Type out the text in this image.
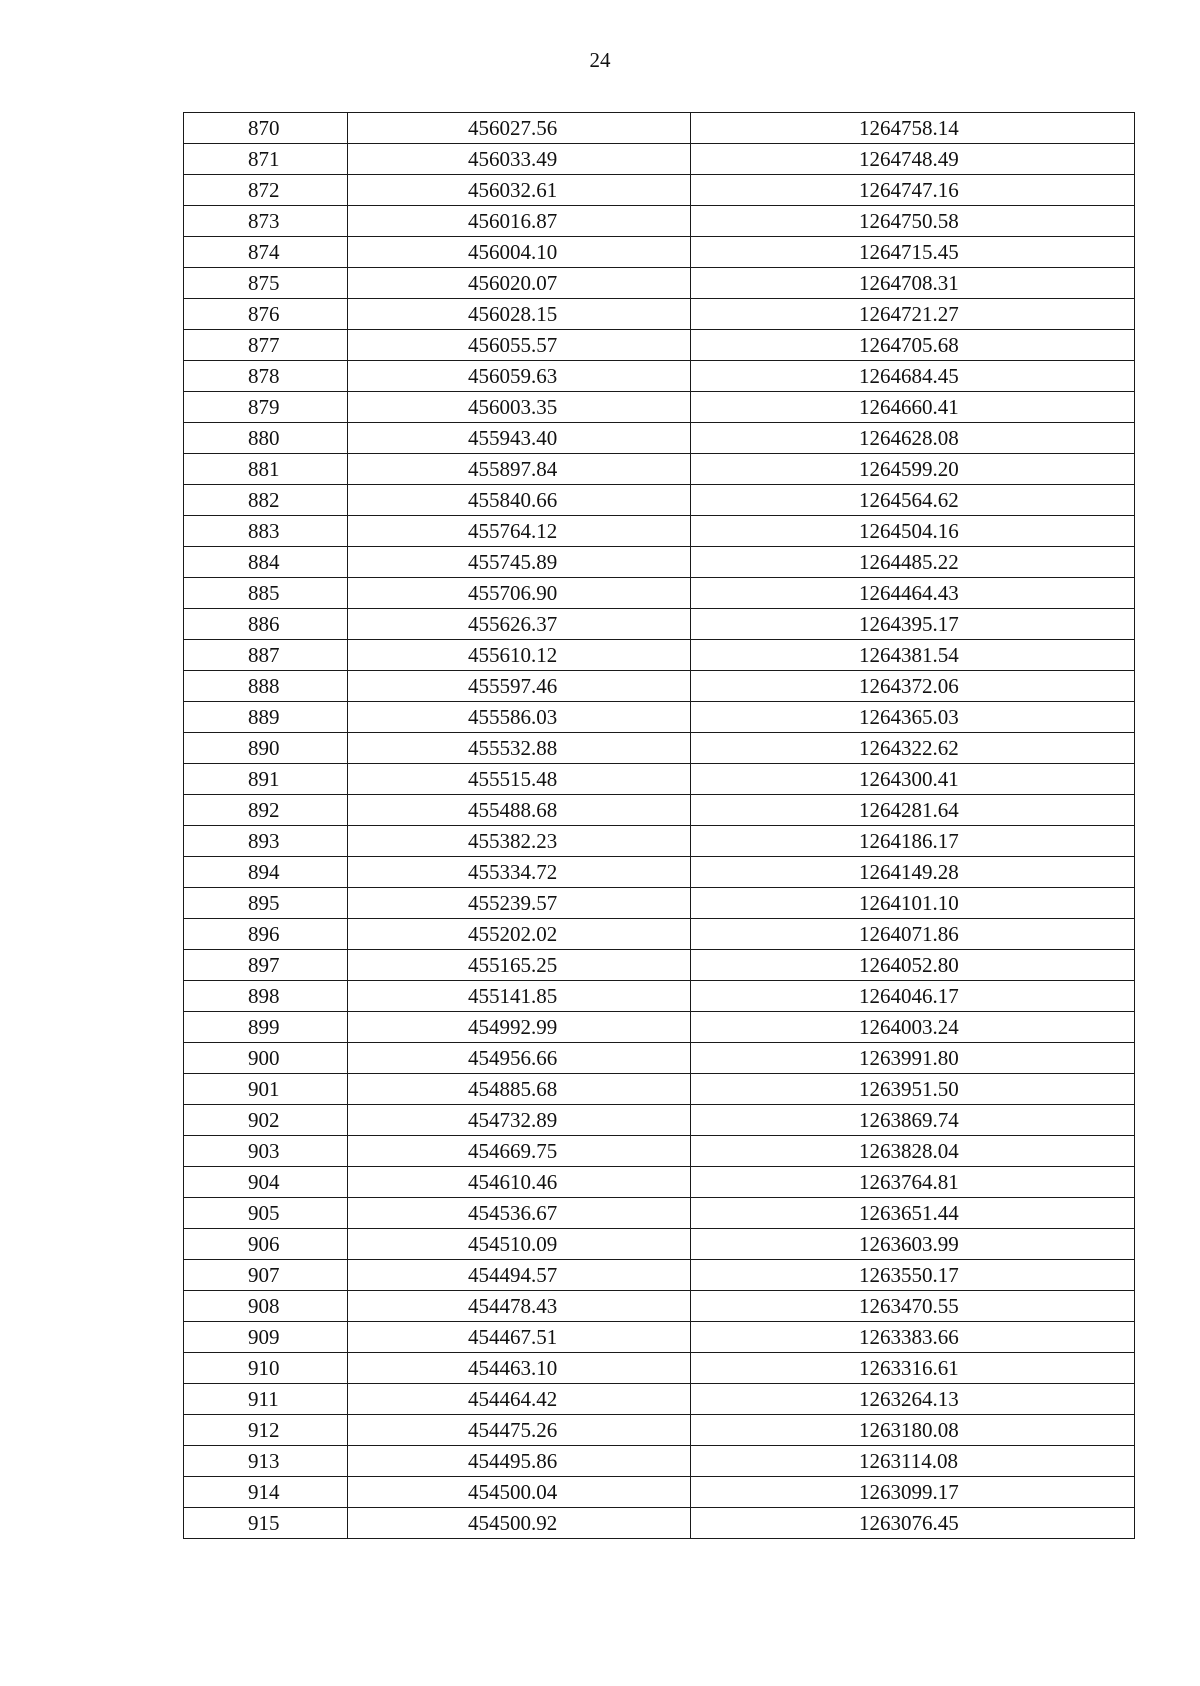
24
870	456027.56	1264758.14
871	456033.49	1264748.49
872	456032.61	1264747.16
873	456016.87	1264750.58
874	456004.10	1264715.45
875	456020.07	1264708.31
876	456028.15	1264721.27
877	456055.57	1264705.68
878	456059.63	1264684.45
879	456003.35	1264660.41
880	455943.40	1264628.08
881	455897.84	1264599.20
882	455840.66	1264564.62
883	455764.12	1264504.16
884	455745.89	1264485.22
885	455706.90	1264464.43
886	455626.37	1264395.17
887	455610.12	1264381.54
888	455597.46	1264372.06
889	455586.03	1264365.03
890	455532.88	1264322.62
891	455515.48	1264300.41
892	455488.68	1264281.64
893	455382.23	1264186.17
894	455334.72	1264149.28
895	455239.57	1264101.10
896	455202.02	1264071.86
897	455165.25	1264052.80
898	455141.85	1264046.17
899	454992.99	1264003.24
900	454956.66	1263991.80
901	454885.68	1263951.50
902	454732.89	1263869.74
903	454669.75	1263828.04
904	454610.46	1263764.81
905	454536.67	1263651.44
906	454510.09	1263603.99
907	454494.57	1263550.17
908	454478.43	1263470.55
909	454467.51	1263383.66
910	454463.10	1263316.61
911	454464.42	1263264.13
912	454475.26	1263180.08
913	454495.86	1263114.08
914	454500.04	1263099.17
915	454500.92	1263076.45
